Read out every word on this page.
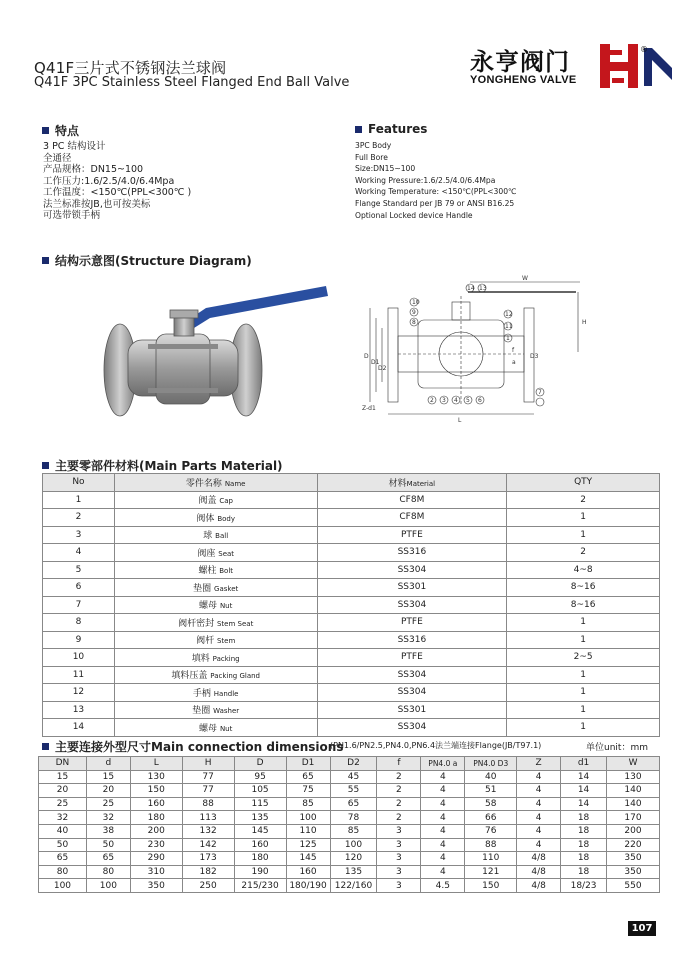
Q41F三片式不锈钢法兰球阀
Q41F 3PC Stainless Steel Flanged End Ball Valve
永亨阀门
YONGHENG VALVE
®
特点
3 PC 结构设计
全通径
产品规格：DN15~100
工作压力:1.6/2.5/4.0/6.4Mpa
工作温度：<150℃(PPL<300℃ )
法兰标准按JB,也可按美标
可选带锁手柄
Features
3PC Body
Full Bore
Size:DN15~100
Working Pressure:1.6/2.5/4.0/6.4Mpa
Working Temperature: <150℃(PPL<300℃
Flange Standard per JB 79 or ANSI B16.25
Optional Locked device Handle
结构示意图(Structure Diagram)
W
H
L
D
D1
D2
D3
a
f
Z-d1
10
9
8
14 13
12
11
1
2 3 4 5 6
7
主要零部件材料(Main Parts Material)
No	零件名称 Name	材料Material	QTY
1	阀盖 Cap	CF8M	2
2	阀体 Body	CF8M	1
3	球 Ball	PTFE	1
4	阀座 Seat	SS316	2
5	螺柱 Bolt	SS304	4~8
6	垫圈 Gasket	SS301	8~16
7	螺母 Nut	SS304	8~16
8	阀杆密封 Stem Seat	PTFE	1
9	阀杆 Stem	SS316	1
10	填料 Packing	PTFE	2~5
11	填料压盖 Packing Gland	SS304	1
12	手柄 Handle	SS304	1
13	垫圈 Washer	SS301	1
14	螺母 Nut	SS304	1
主要连接外型尺寸Main connection dimensions
(PN1.6/PN2.5,PN4.0,PN6.4法兰端连接Flange(JB/T97.1)	单位unit：mm
DN	d	L	H	D	D1	D2	f	PN4.0 a	PN4.0 D3	Z	d1	W
15	15	130	77	95	65	45	2	4	40	4	14	130
20	20	150	77	105	75	55	2	4	51	4	14	140
25	25	160	88	115	85	65	2	4	58	4	14	140
32	32	180	113	135	100	78	2	4	66	4	18	170
40	38	200	132	145	110	85	3	4	76	4	18	200
50	50	230	142	160	125	100	3	4	88	4	18	220
65	65	290	173	180	145	120	3	4	110	4/8	18	350
80	80	310	182	190	160	135	3	4	121	4/8	18	350
100	100	350	250	215/230	180/190	122/160	3	4.5	150	4/8	18/23	550
107
